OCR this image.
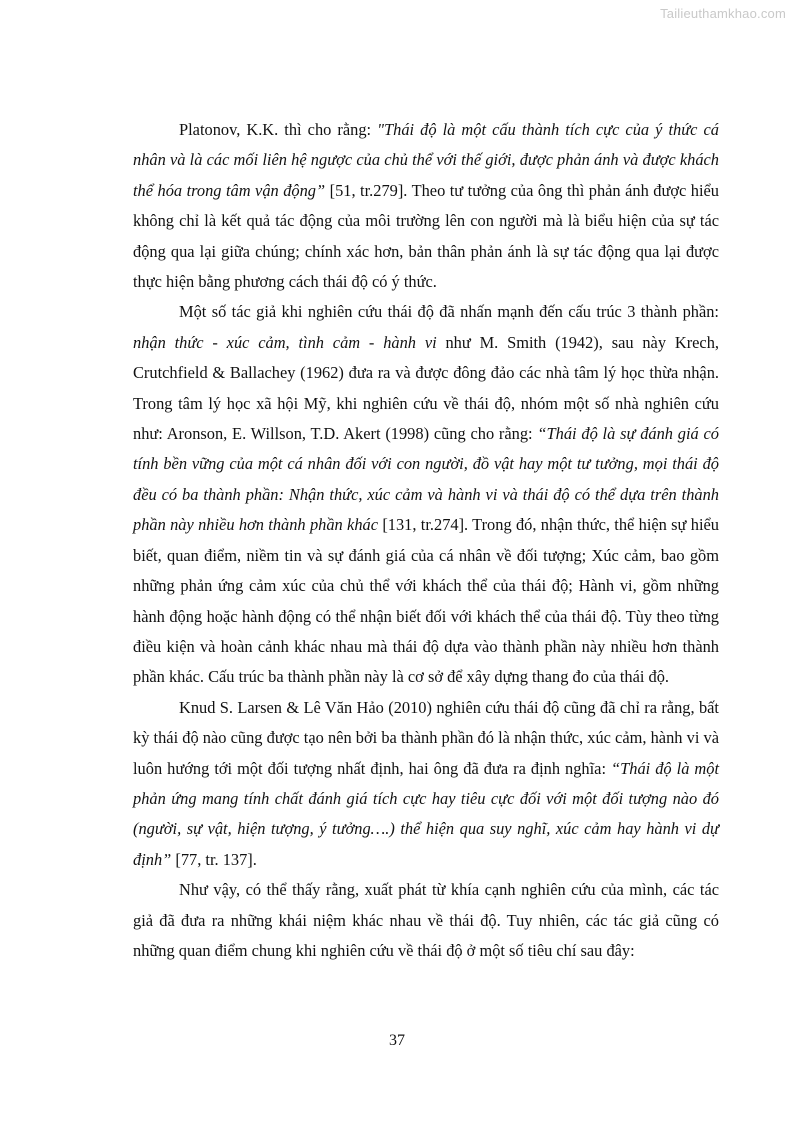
Tailieuthamkhao.com

Platonov, K.K. thì cho rằng: "Thái độ là một cấu thành tích cực của ý thức cá nhân và là các mối liên hệ ngược của chủ thể với thế giới, được phản ánh và được khách thể hóa trong tâm vận động” [51, tr.279]. Theo tư tưởng của ông thì phản ánh được hiểu không chỉ là kết quả tác động của môi trường lên con người mà là biểu hiện của sự tác động qua lại giữa chúng; chính xác hơn, bản thân phản ánh là sự tác động qua lại được thực hiện bằng phương cách thái độ có ý thức.

Một số tác giả khi nghiên cứu thái độ đã nhấn mạnh đến cấu trúc 3 thành phần: nhận thức - xúc cảm, tình cảm - hành vi như M. Smith (1942), sau này Krech, Crutchfield & Ballachey (1962) đưa ra và được đông đảo các nhà tâm lý học thừa nhận. Trong tâm lý học xã hội Mỹ, khi nghiên cứu về thái độ, nhóm một số nhà nghiên cứu như: Aronson, E. Willson, T.D. Akert (1998) cũng cho rằng: “Thái độ là sự đánh giá có tính bền vững của một cá nhân đối với con người, đồ vật hay một tư tưởng, mọi thái độ đều có ba thành phần: Nhận thức, xúc cảm và hành vi và thái độ có thể dựa trên thành phần này nhiều hơn thành phần khác [131, tr.274]. Trong đó, nhận thức, thể hiện sự hiểu biết, quan điểm, niềm tin và sự đánh giá của cá nhân về đối tượng; Xúc cảm, bao gồm những phản ứng cảm xúc của chủ thể với khách thể của thái độ; Hành vi, gồm những hành động hoặc hành động có thể nhận biết đối với khách thể của thái độ. Tùy theo từng điều kiện và hoàn cảnh khác nhau mà thái độ dựa vào thành phần này nhiều hơn thành phần khác. Cấu trúc ba thành phần này là cơ sở để xây dựng thang đo của thái độ.

Knud S. Larsen & Lê Văn Hảo (2010) nghiên cứu thái độ cũng đã chỉ ra rằng, bất kỳ thái độ nào cũng được tạo nên bởi ba thành phần đó là nhận thức, xúc cảm, hành vi và luôn hướng tới một đối tượng nhất định, hai ông đã đưa ra định nghĩa: “Thái độ là một phản ứng mang tính chất đánh giá tích cực hay tiêu cực đối với một đối tượng nào đó (người, sự vật, hiện tượng, ý tưởng….) thể hiện qua suy nghĩ, xúc cảm hay hành vi dự định” [77, tr. 137].

Như vậy, có thể thấy rằng, xuất phát từ khía cạnh nghiên cứu của mình, các tác giả đã đưa ra những khái niệm khác nhau về thái độ. Tuy nhiên, các tác giả cũng có những quan điểm chung khi nghiên cứu về thái độ ở một số tiêu chí sau đây:

37
